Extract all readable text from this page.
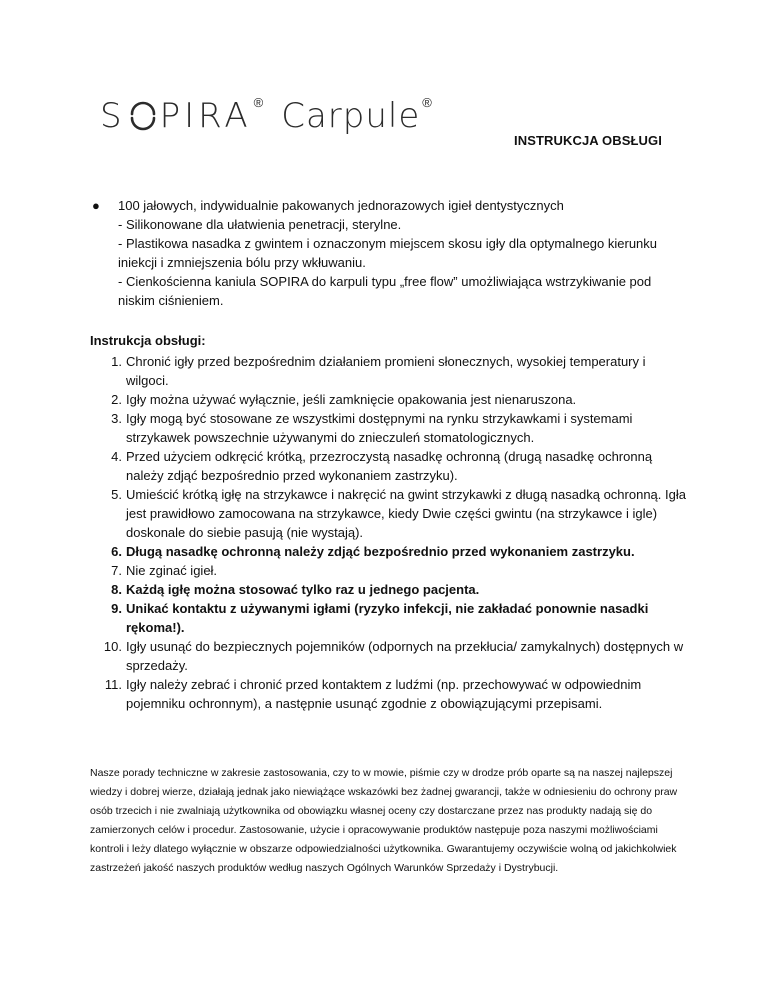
S PIRA ® Carpule ®
INSTRUKCJA OBSŁUGI
● 100 jałowych, indywidualnie pakowanych jednorazowych igieł dentystycznych
- Silikonowane dla ułatwienia penetracji, sterylne.
- Plastikowa nasadka z gwintem i oznaczonym miejscem skosu igły dla optymalnego kierunku iniekcji i zmniejszenia bólu przy wkłuwaniu.
- Cienkościenna kaniula SOPIRA do karpuli typu „free flow” umożliwiająca wstrzykiwanie pod niskim ciśnieniem.
Instrukcja obsługi:
1. Chronić igły przed bezpośrednim działaniem promieni słonecznych, wysokiej temperatury i wilgoci.
2. Igły można używać wyłącznie, jeśli zamknięcie opakowania jest nienaruszona.
3. Igły mogą być stosowane ze wszystkimi dostępnymi na rynku strzykawkami i systemami strzykawek powszechnie używanymi do znieczuleń stomatologicznych.
4. Przed użyciem odkręcić krótką, przezroczystą nasadkę ochronną (drugą nasadkę ochronną należy zdjąć bezpośrednio przed wykonaniem zastrzyku).
5. Umieścić krótką igłę na strzykawce i nakręcić na gwint strzykawki z długą nasadką ochronną. Igła jest prawidłowo zamocowana na strzykawce, kiedy Dwie części gwintu (na strzykawce i igle) doskonale do siebie pasują (nie wystają).
6. Długą nasadkę ochronną należy zdjąć bezpośrednio przed wykonaniem zastrzyku.
7. Nie zginać igieł.
8. Każdą igłę można stosować tylko raz u jednego pacjenta.
9. Unikać kontaktu z używanymi igłami (ryzyko infekcji, nie zakładać ponownie nasadki rękoma!).
10. Igły usunąć do bezpiecznych pojemników (odpornych na przekłucia/ zamykalnych) dostępnych w sprzedaży.
11. Igły należy zebrać i chronić przed kontaktem z ludźmi (np. przechowywać w odpowiednim pojemniku ochronnym), a następnie usunąć zgodnie z obowiązującymi przepisami.
Nasze porady techniczne w zakresie zastosowania, czy to w mowie, piśmie czy w drodze prób oparte są na naszej najlepszej wiedzy i dobrej wierze, działają jednak jako niewiążące wskazówki bez żadnej gwarancji, także w odniesieniu do ochrony praw osób trzecich i nie zwalniają użytkownika od obowiązku własnej oceny czy dostarczane przez nas produkty nadają się do zamierzonych celów i procedur. Zastosowanie, użycie i opracowywanie produktów następuje poza naszymi możliwościami kontroli i leży dlatego wyłącznie w obszarze odpowiedzialności użytkownika. Gwarantujemy oczywiście wolną od jakichkolwiek zastrzeżeń jakość naszych produktów według naszych Ogólnych Warunków Sprzedaży i Dystrybucji.
